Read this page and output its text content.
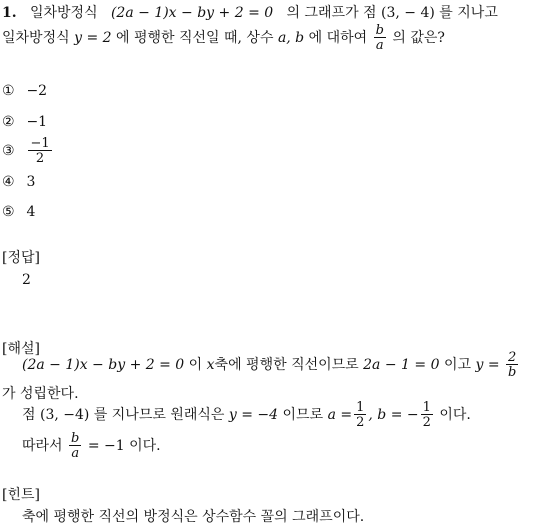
1. 일차방정식 (2a − 1)x − by + 2 = 0 의 그래프가 점 (3, − 4) 를 지나고
일차방정식 y = 2 에 평행한 직선일 때, 상수 a, b 에 대하여 $\frac{b}{a}$ 의 값은?
① −2
② −1
③ $\frac{-1}{2}$
④ 3
⑤ 4
[정답]
2
[해설]
(2a − 1)x − by + 2 = 0 이 x축에 평행한 직선이므로 2a − 1 = 0 이고 $y = \frac{2}{b}$
가 성립한다.
점 (3, −4) 를 지나므로 원래식은 y = −4 이므로 $a = \frac{1}{2}$ , b = − $\frac{1}{2}$ 이다.
따라서 $\frac{b}{a} = -1$ 이다.
[힌트]
축에 평행한 직선의 방정식은 상수함수 꼴의 그래프이다.
